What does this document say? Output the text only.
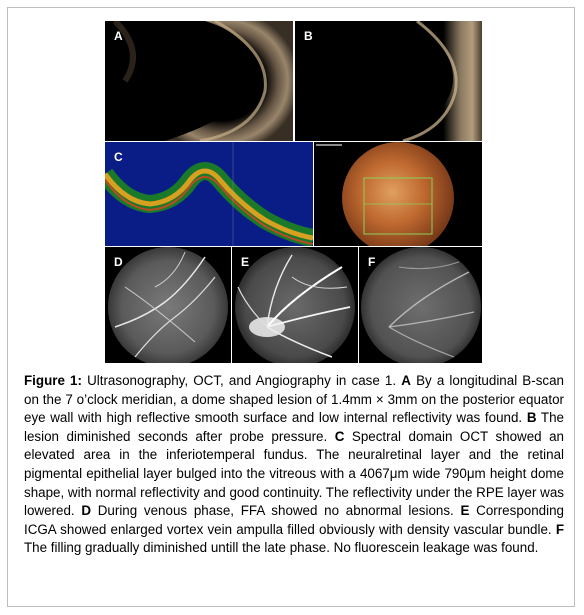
A	B
C
D	E	F
Figure 1: Ultrasonography, OCT, and Angiography in case 1. A By a longitudinal B-scan on the 7 o’clock meridian, a dome shaped lesion of 1.4mm × 3mm on the posterior equator eye wall with high reflective smooth surface and low internal reflectivity was found. B The lesion diminished seconds after probe pressure. C Spectral domain OCT showed an elevated area in the inferiotemperal fundus. The neuralretinal layer and the retinal pigmental epithelial layer bulged into the vitreous with a 4067μm wide 790μm height dome shape, with normal reflectivity and good continuity. The reflectivity under the RPE layer was lowered. D During venous phase, FFA showed no abnormal lesions. E Corresponding ICGA showed enlarged vortex vein ampulla filled obviously with density vascular bundle. F The filling gradually diminished untill the late phase. No fluorescein leakage was found.
